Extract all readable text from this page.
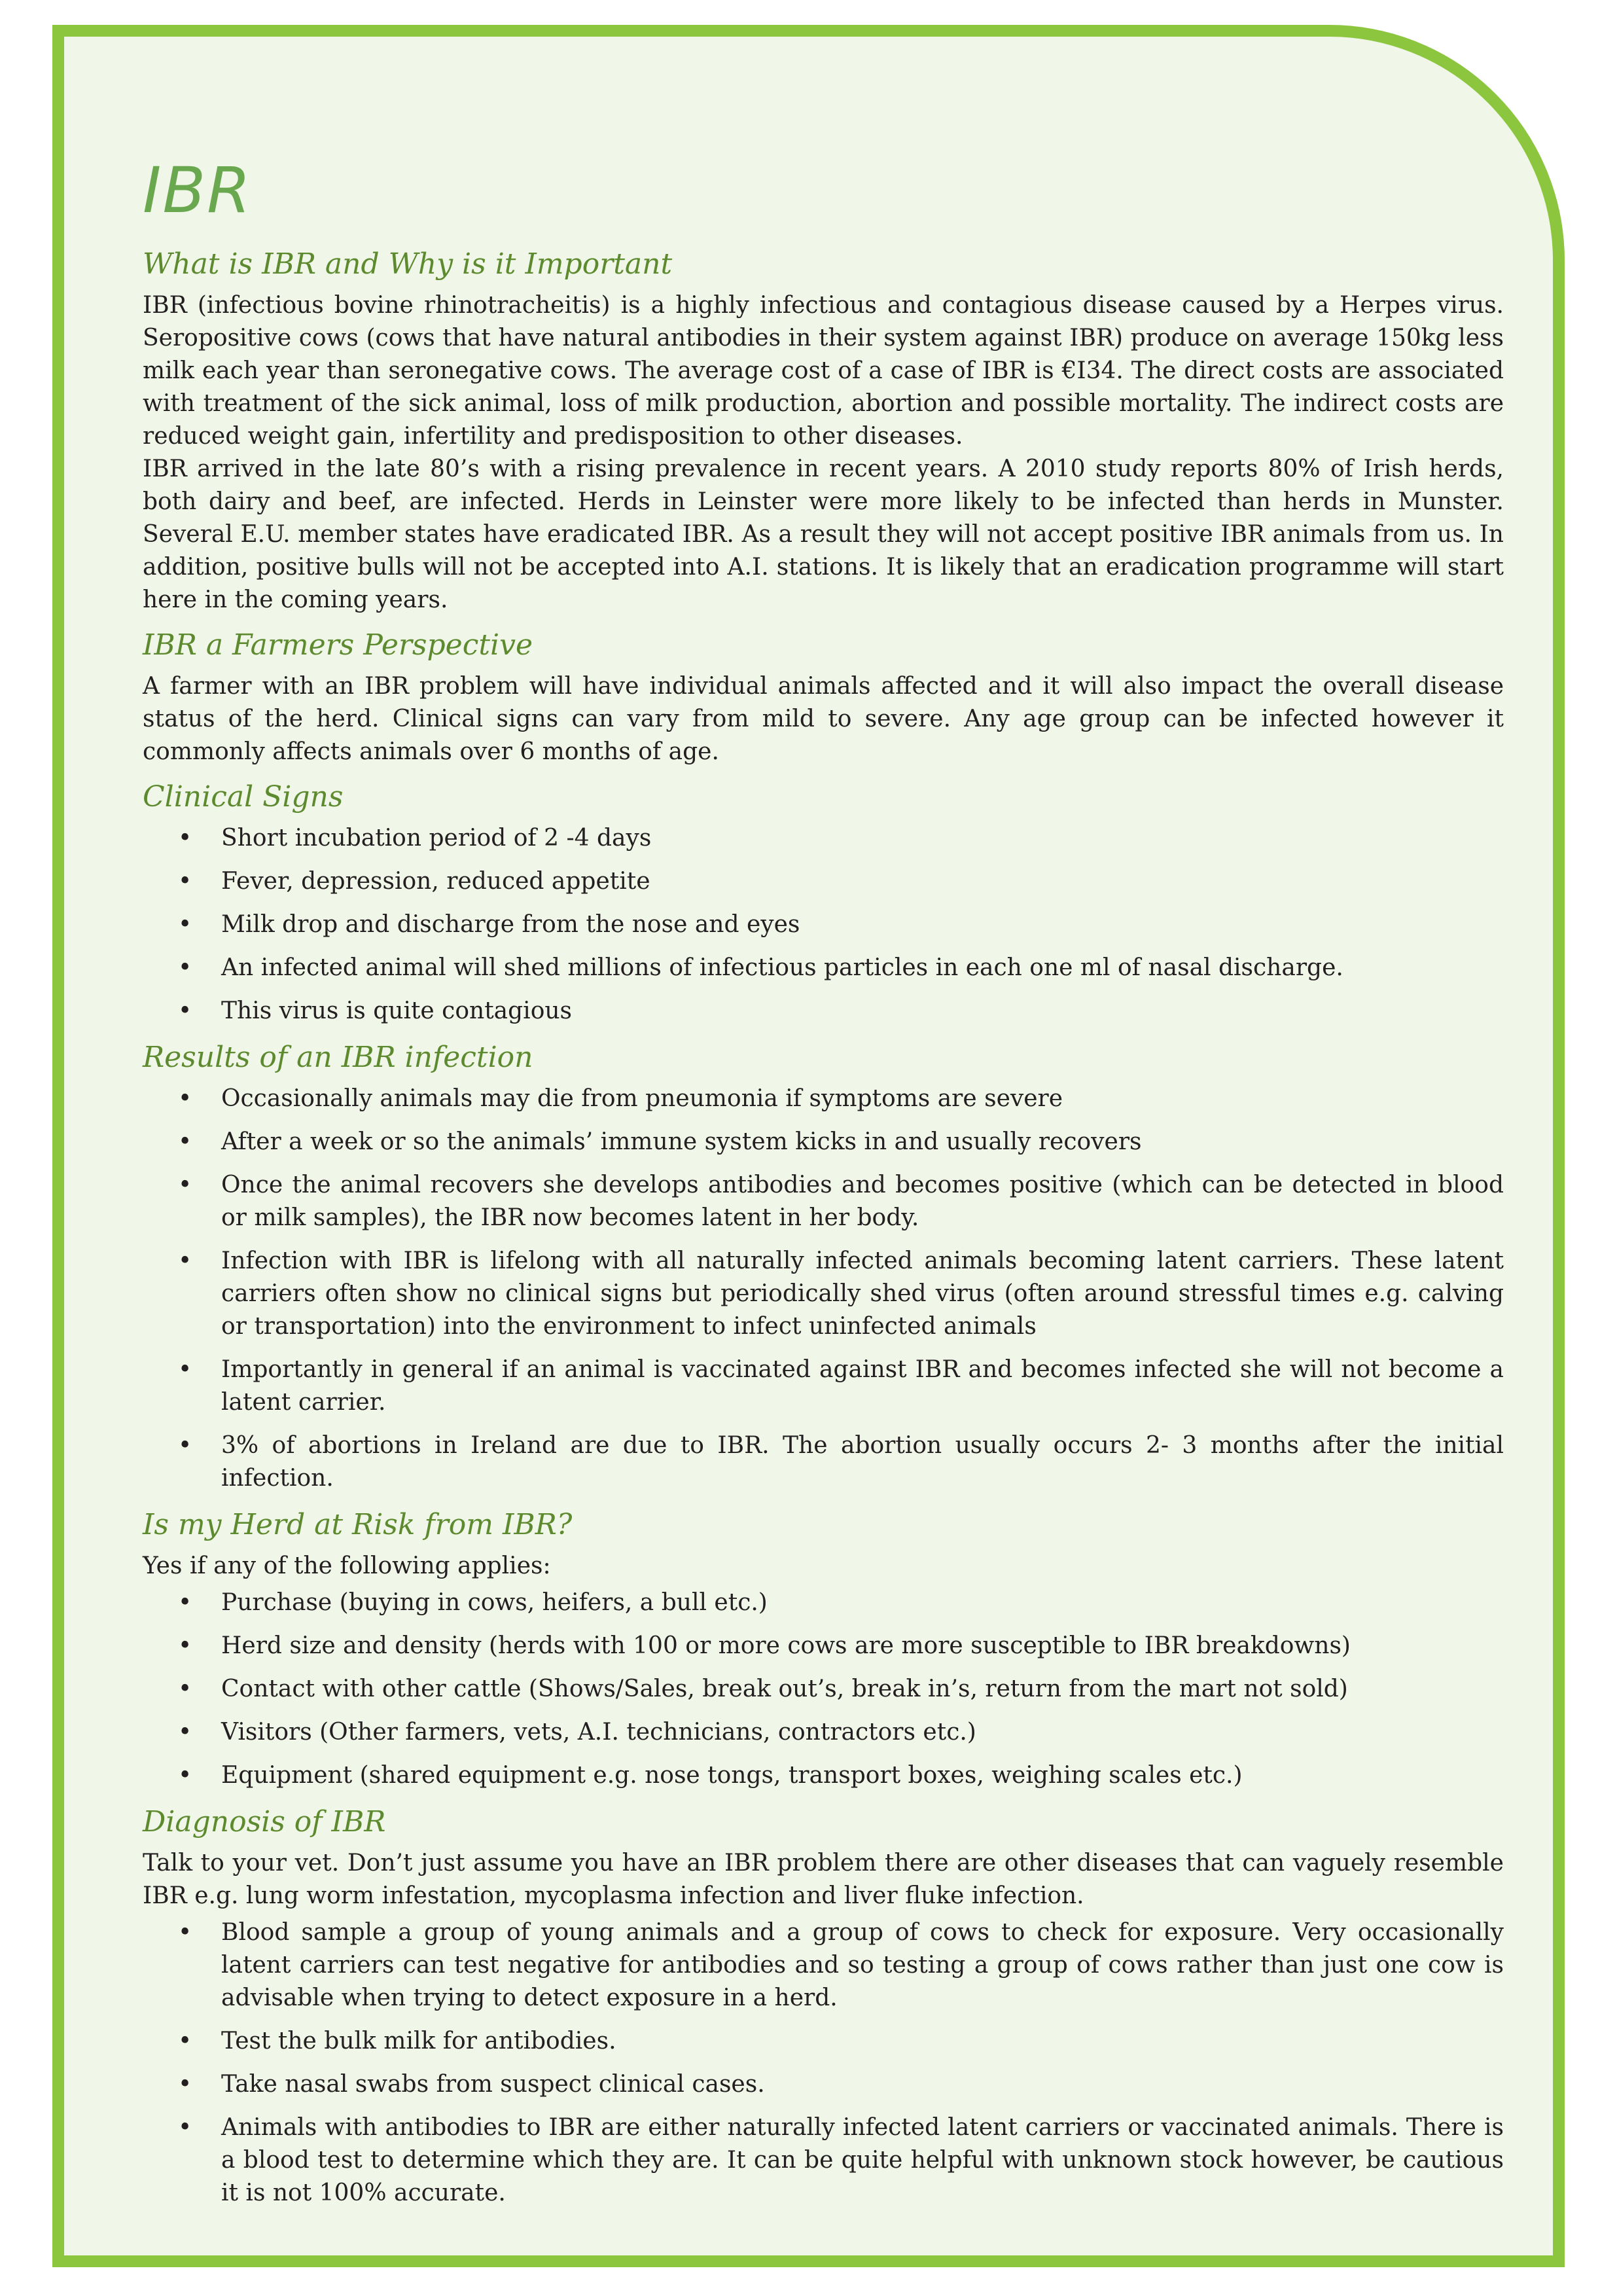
IBR
What is IBR and Why is it Important

IBR (infectious bovine rhinotracheitis) is a highly infectious and contagious disease caused by a Herpes virus. Seropositive cows (cows that have natural antibodies in their system against IBR) produce on average 150kg less milk each year than seronegative cows. The average cost of a case of IBR is €I34. The direct costs are associated with treatment of the sick animal, loss of milk production, abortion and possible mortality. The indirect costs are reduced weight gain, infertility and predisposition to other diseases.

IBR arrived in the late 80’s with a rising prevalence in recent years. A 2010 study reports 80% of Irish herds, both dairy and beef, are infected. Herds in Leinster were more likely to be infected than herds in Munster. Several E.U. member states have eradicated IBR. As a result they will not accept positive IBR animals from us. In addition, positive bulls will not be accepted into A.I. stations. It is likely that an eradication programme will start here in the coming years.

IBR a Farmers Perspective

A farmer with an IBR problem will have individual animals affected and it will also impact the overall disease status of the herd. Clinical signs can vary from mild to severe. Any age group can be infected however it commonly affects animals over 6 months of age.

Clinical Signs
• Short incubation period of 2 -4 days
• Fever, depression, reduced appetite
• Milk drop and discharge from the nose and eyes
• An infected animal will shed millions of infectious particles in each one ml of nasal discharge.
• This virus is quite contagious
Results of an IBR infection
• Occasionally animals may die from pneumonia if symptoms are severe
• After a week or so the animals’ immune system kicks in and usually recovers
• Once the animal recovers she develops antibodies and becomes positive (which can be detected in blood or milk samples), the IBR now becomes latent in her body.
• Infection with IBR is lifelong with all naturally infected animals becoming latent carriers. These latent carriers often show no clinical signs but periodically shed virus (often around stressful times e.g. calving or transportation) into the environment to infect uninfected animals
• Importantly in general if an animal is vaccinated against IBR and becomes infected she will not become a latent carrier.
• 3% of abortions in Ireland are due to IBR. The abortion usually occurs 2- 3 months after the initial infection.
Is my Herd at Risk from IBR?

Yes if any of the following applies:

• Purchase (buying in cows, heifers, a bull etc.)
• Herd size and density (herds with 100 or more cows are more susceptible to IBR breakdowns)
• Contact with other cattle (Shows/Sales, break out’s, break in’s, return from the mart not sold)
• Visitors (Other farmers, vets, A.I. technicians, contractors etc.)
• Equipment (shared equipment e.g. nose tongs, transport boxes, weighing scales etc.)
Diagnosis of IBR

Talk to your vet. Don’t just assume you have an IBR problem there are other diseases that can vaguely resemble IBR e.g. lung worm infestation, mycoplasma infection and liver fluke infection.

• Blood sample a group of young animals and a group of cows to check for exposure. Very occasionally latent carriers can test negative for antibodies and so testing a group of cows rather than just one cow is advisable when trying to detect exposure in a herd.
• Test the bulk milk for antibodies.
• Take nasal swabs from suspect clinical cases.
• Animals with antibodies to IBR are either naturally infected latent carriers or vaccinated animals. There is a blood test to determine which they are. It can be quite helpful with unknown stock however, be cautious it is not 100% accurate.
